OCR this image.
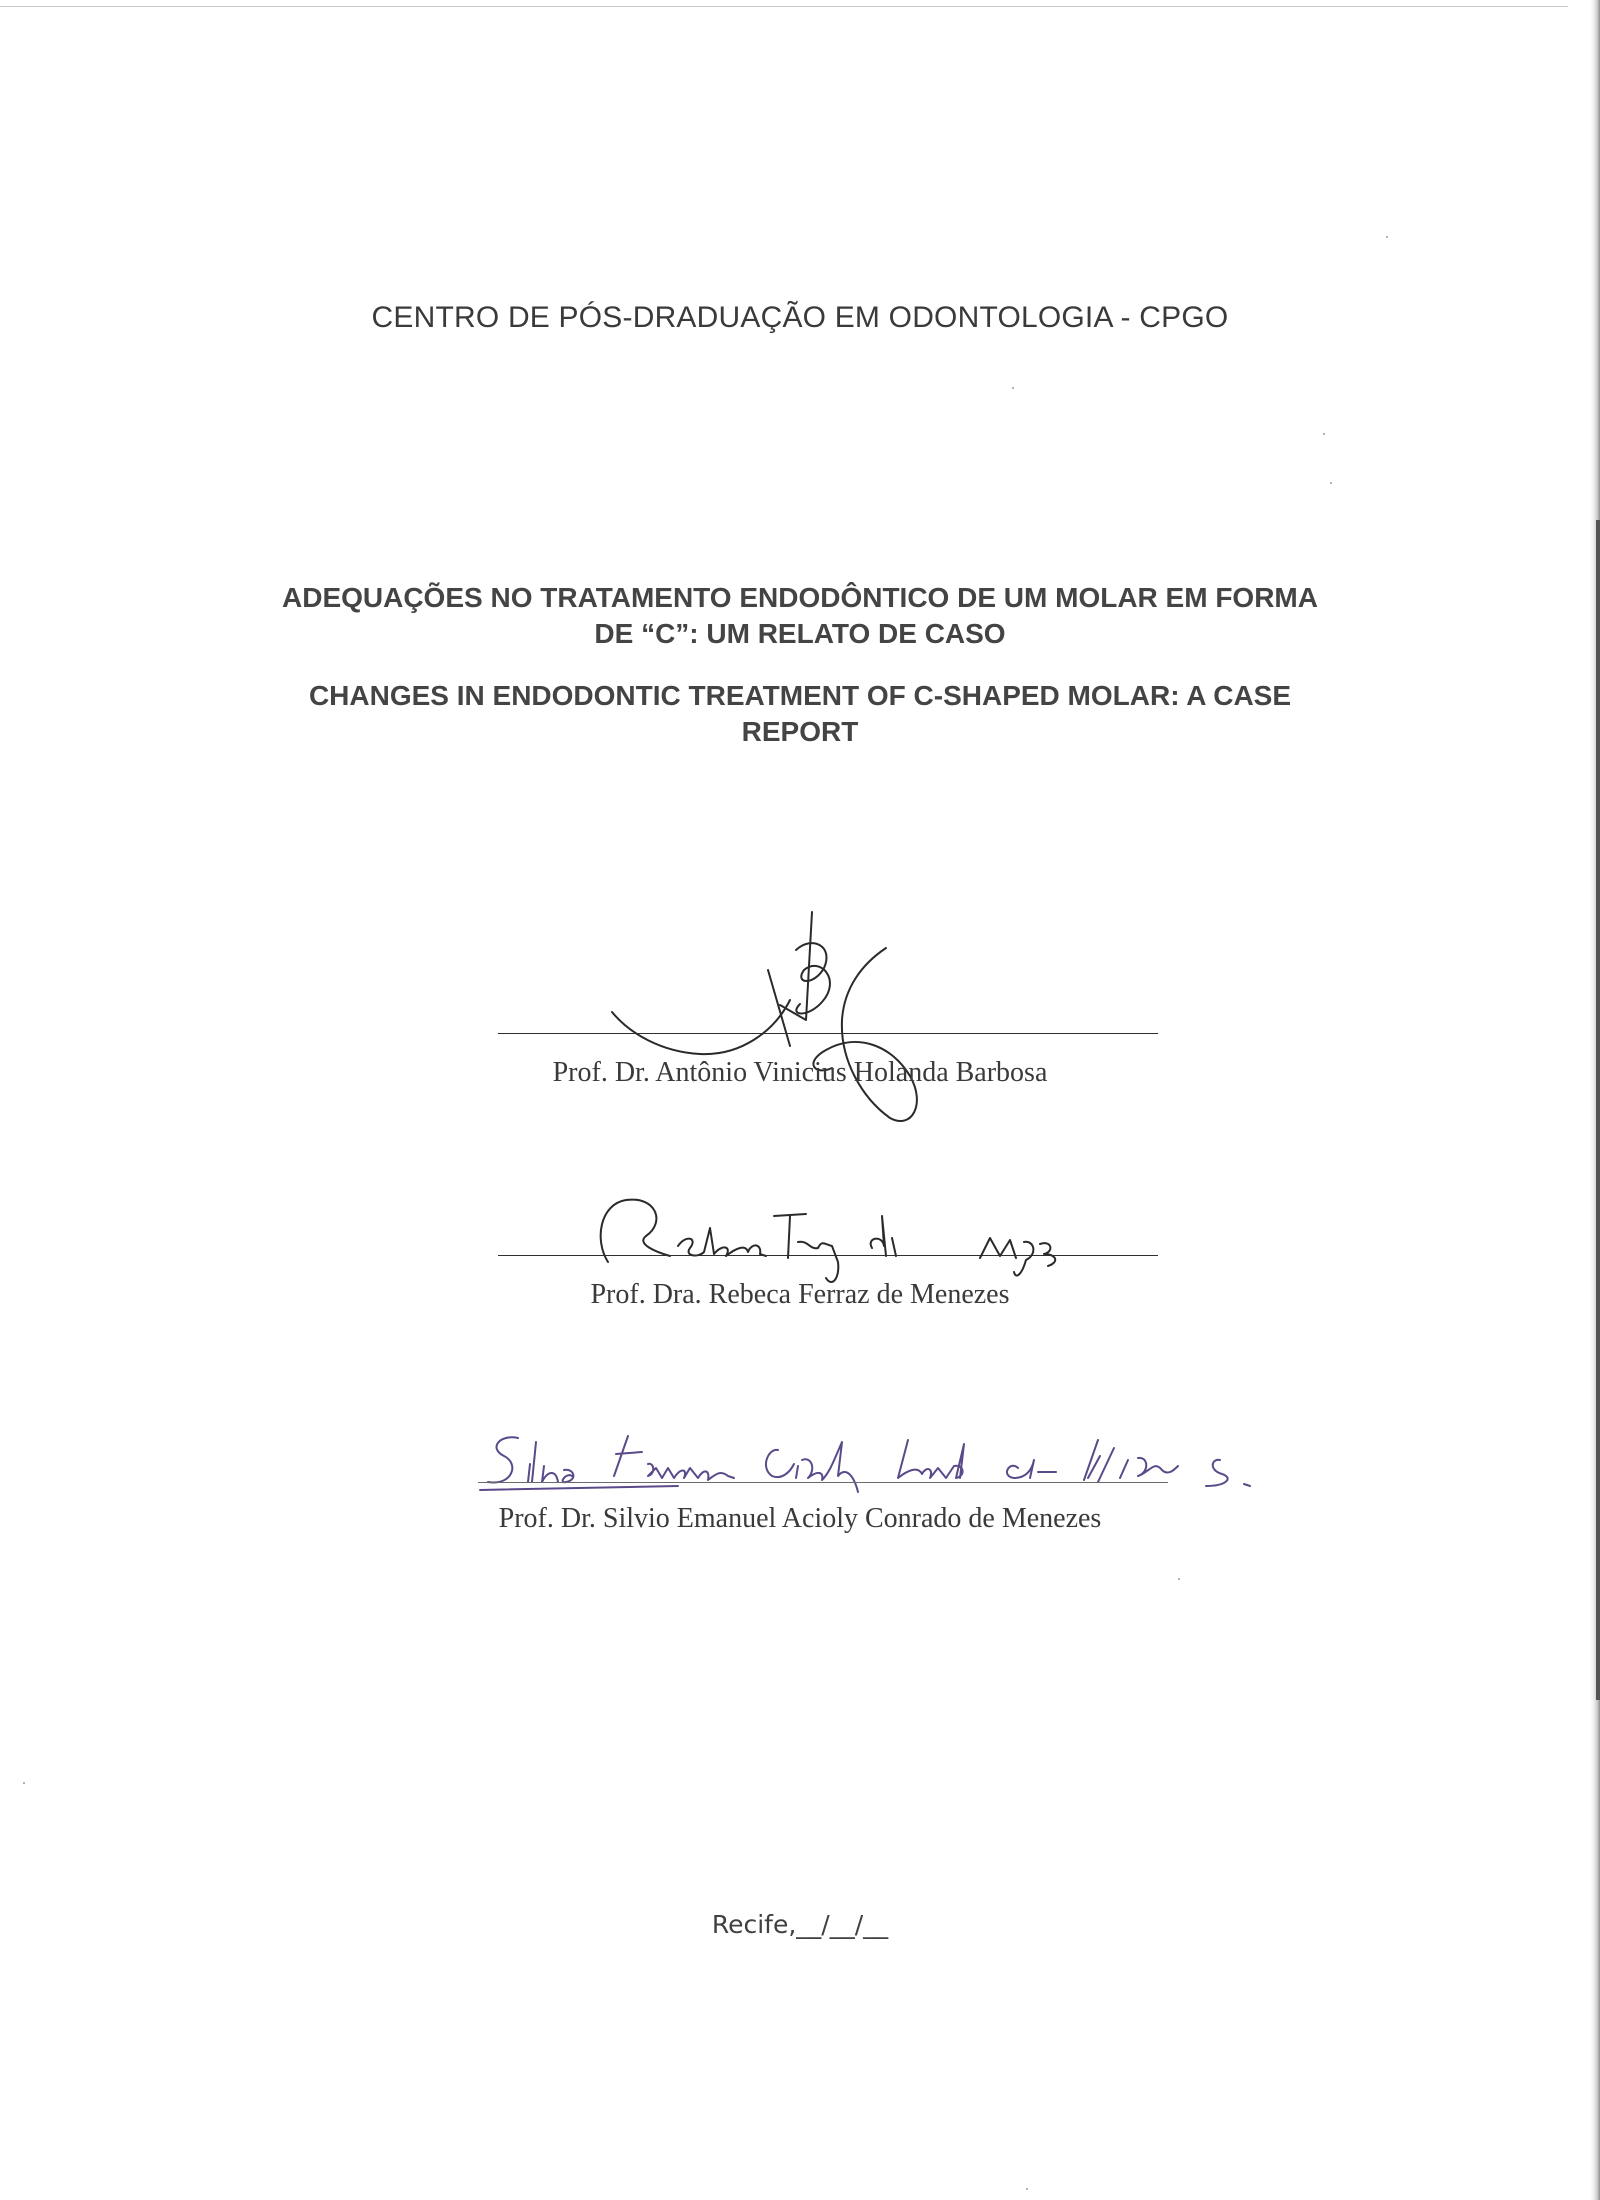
CENTRO DE PÓS-DRADUAÇÃO EM ODONTOLOGIA - CPGO
ADEQUAÇÕES NO TRATAMENTO ENDODÔNTICO DE UM MOLAR EM FORMA
DE “C”: UM RELATO DE CASO
CHANGES IN ENDODONTIC TREATMENT OF C-SHAPED MOLAR: A CASE
REPORT
Prof. Dr. Antônio Vinicius Holanda Barbosa
Prof. Dra. Rebeca Ferraz de Menezes
Prof. Dr. Silvio Emanuel Acioly Conrado de Menezes
Recife,__/__/__
